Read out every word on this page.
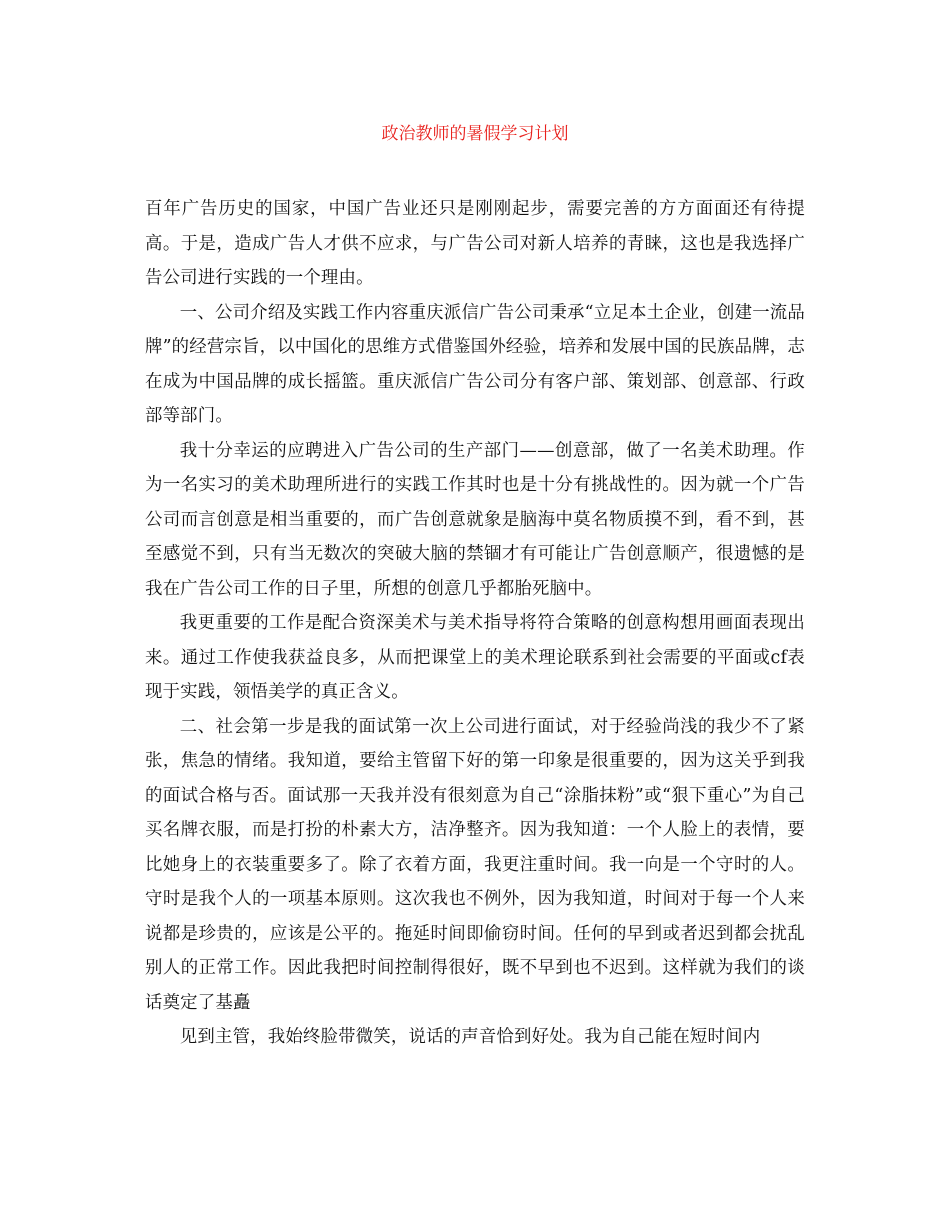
政治教师的暑假学习计划

百年广告历史的国家，中国广告业还只是刚刚起步，需要完善的方方面面还有待提高。于是，造成广告人才供不应求，与广告公司对新人培养的青睐，这也是我选择广告公司进行实践的一个理由。

一、公司介绍及实践工作内容重庆派信广告公司秉承“立足本土企业，创建一流品牌”的经营宗旨，以中国化的思维方式借鉴国外经验，培养和发展中国的民族品牌，志在成为中国品牌的成长摇篮。重庆派信广告公司分有客户部、策划部、创意部、行政部等部门。

我十分幸运的应聘进入广告公司的生产部门——创意部，做了一名美术助理。作为一名实习的美术助理所进行的实践工作其时也是十分有挑战性的。因为就一个广告公司而言创意是相当重要的，而广告创意就象是脑海中莫名物质摸不到，看不到，甚至感觉不到，只有当无数次的突破大脑的禁锢才有可能让广告创意顺产，很遗憾的是我在广告公司工作的日子里，所想的创意几乎都胎死脑中。

我更重要的工作是配合资深美术与美术指导将符合策略的创意构想用画面表现出来。通过工作使我获益良多，从而把课堂上的美术理论联系到社会需要的平面或cf表现于实践，领悟美学的真正含义。

二、社会第一步是我的面试第一次上公司进行面试，对于经验尚浅的我少不了紧张，焦急的情绪。我知道，要给主管留下好的第一印象是很重要的，因为这关乎到我的面试合格与否。面试那一天我并没有很刻意为自己“涂脂抹粉”或“狠下重心”为自己买名牌衣服，而是打扮的朴素大方，洁净整齐。因为我知道：一个人脸上的表情，要比她身上的衣装重要多了。除了衣着方面，我更注重时间。我一向是一个守时的人。守时是我个人的一项基本原则。这次我也不例外，因为我知道，时间对于每一个人来说都是珍贵的，应该是公平的。拖延时间即偷窃时间。任何的早到或者迟到都会扰乱别人的正常工作。因此我把时间控制得很好，既不早到也不迟到。这样就为我们的谈话奠定了基矗

见到主管，我始终脸带微笑，说话的声音恰到好处。我为自己能在短时间内
